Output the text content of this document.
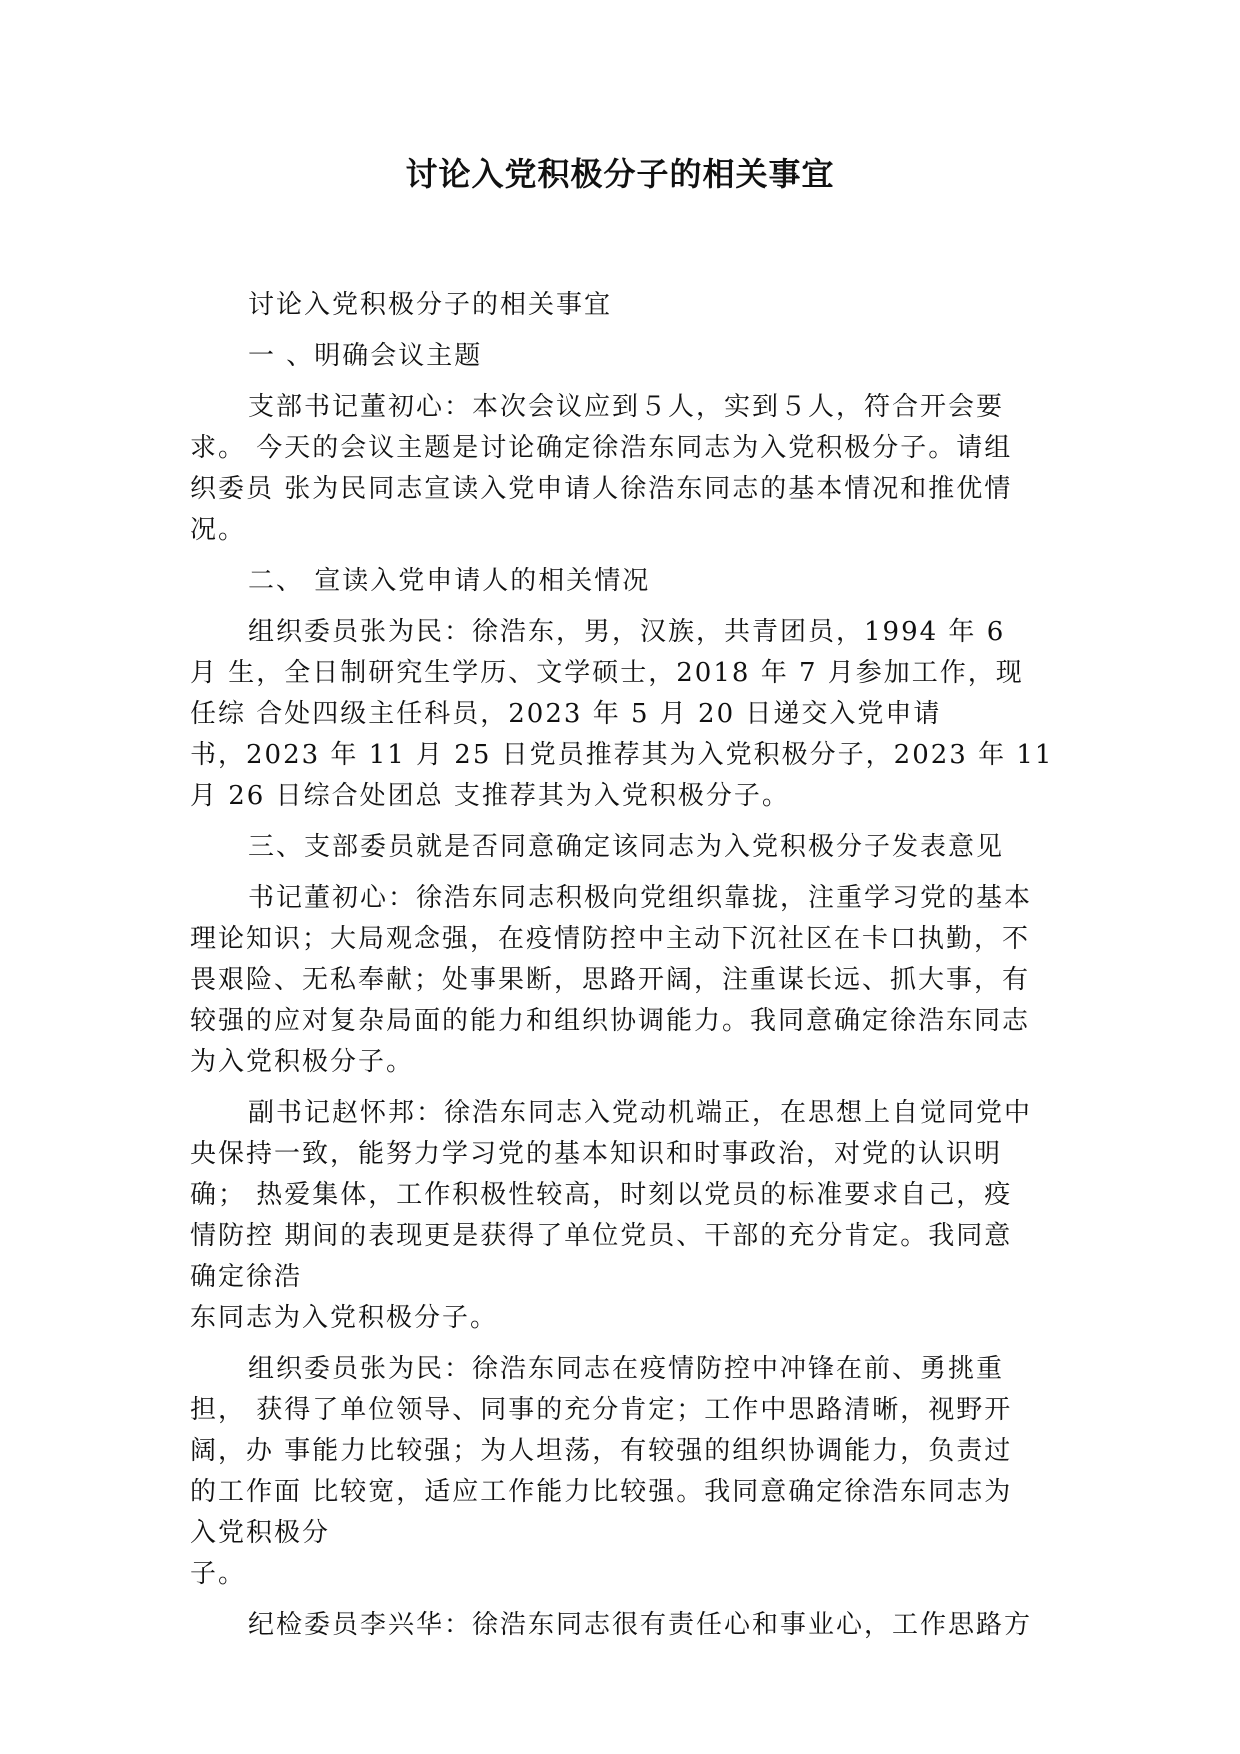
讨论入党积极分子的相关事宜
讨论入党积极分子的相关事宜
一 、明确会议主题
支部书记董初心：本次会议应到５人，实到５人，符合开会要
求。 今天的会议主题是讨论确定徐浩东同志为入党积极分子。请组
织委员 张为民同志宣读入党申请人徐浩东同志的基本情况和推优情
况。
二、 宣读入党申请人的相关情况
组织委员张为民：徐浩东，男，汉族，共青团员，1994 年 6
月 生，全日制研究生学历、文学硕士，2018 年 7 月参加工作，现
任综 合处四级主任科员，2023 年 5 月 20 日递交入党申请
书，2023 年 11 月 25 日党员推荐其为入党积极分子，2023 年 11
月 26 日综合处团总 支推荐其为入党积极分子。
三、支部委员就是否同意确定该同志为入党积极分子发表意见
书记董初心：徐浩东同志积极向党组织靠拢，注重学习党的基本
理论知识；大局观念强，在疫情防控中主动下沉社区在卡口执勤，不
畏艰险、无私奉献；处事果断，思路开阔，注重谋长远、抓大事，有
较强的应对复杂局面的能力和组织协调能力。我同意确定徐浩东同志
为入党积极分子。
副书记赵怀邦：徐浩东同志入党动机端正，在思想上自觉同党中
央保持一致，能努力学习党的基本知识和时事政治，对党的认识明
确； 热爱集体，工作积极性较高，时刻以党员的标准要求自己，疫
情防控 期间的表现更是获得了单位党员、干部的充分肯定。我同意
确定徐浩
东同志为入党积极分子。
组织委员张为民：徐浩东同志在疫情防控中冲锋在前、勇挑重
担， 获得了单位领导、同事的充分肯定；工作中思路清晰，视野开
阔，办 事能力比较强；为人坦荡，有较强的组织协调能力，负责过
的工作面 比较宽，适应工作能力比较强。我同意确定徐浩东同志为
入党积极分
子。
纪检委员李兴华：徐浩东同志很有责任心和事业心，工作思路方
